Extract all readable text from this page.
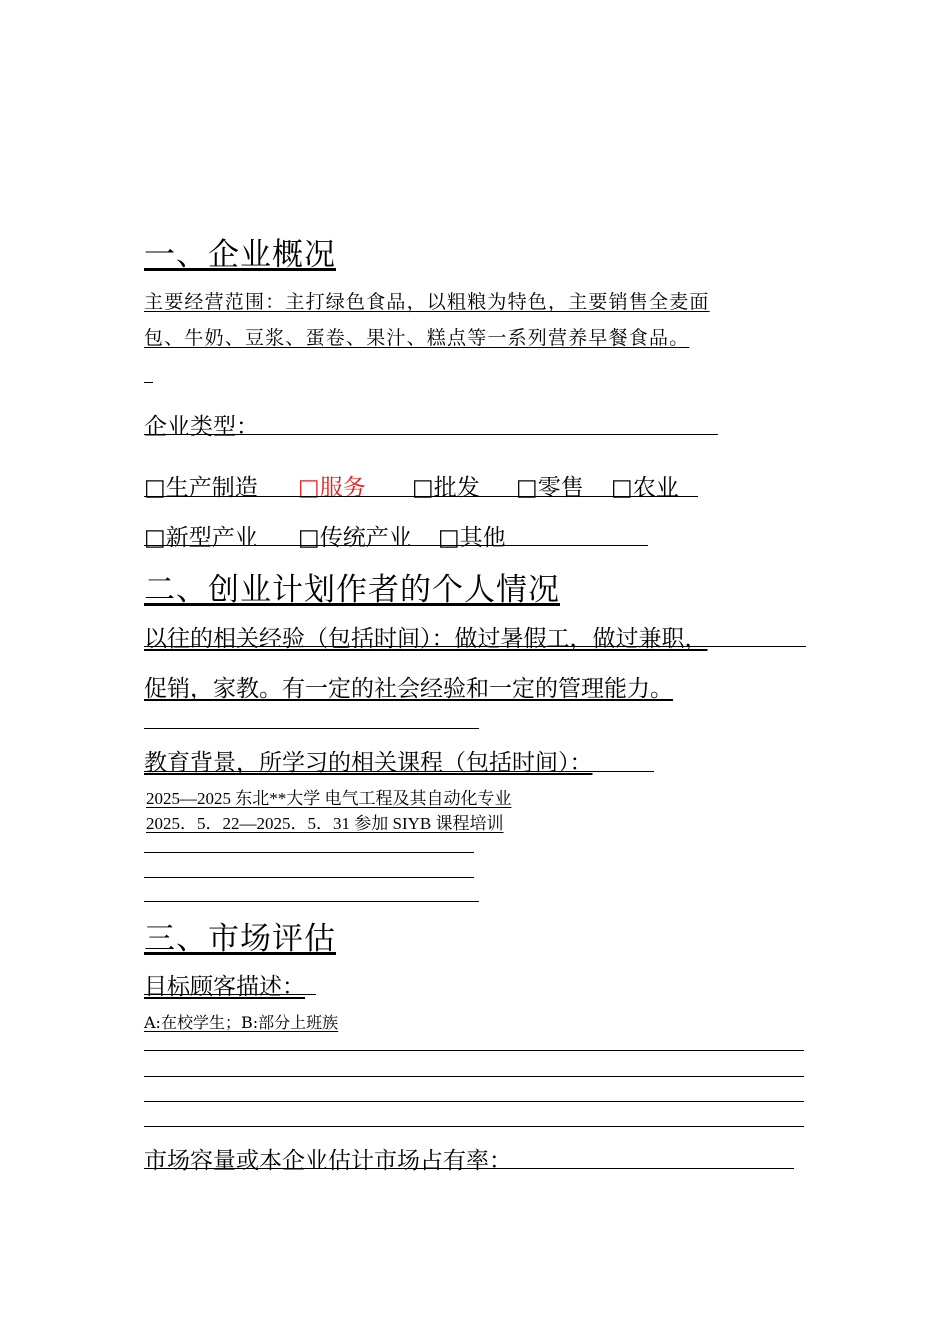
一、企业概况
主要经营范围：主打绿色食品，以粗粮为特色，主要销售全麦面
包、牛奶、豆浆、蛋卷、果汁、糕点等一系列营养早餐食品。
企业类型：
□生产制造 □服务 □批发 □零售 □农业
□新型产业 □传统产业 □其他
二、创业计划作者的个人情况
以往的相关经验（包括时间）：做过暑假工，做过兼职，
促销，家教。有一定的社会经验和一定的管理能力。
教育背景，所学习的相关课程（包括时间）：
2025—2025 东北**大学 电气工程及其自动化专业
2025．5．22—2025．5．31 参加 SIYB 课程培训
三、市场评估
目标顾客描述：
A:在校学生；B:部分上班族
市场容量或本企业估计市场占有率：
